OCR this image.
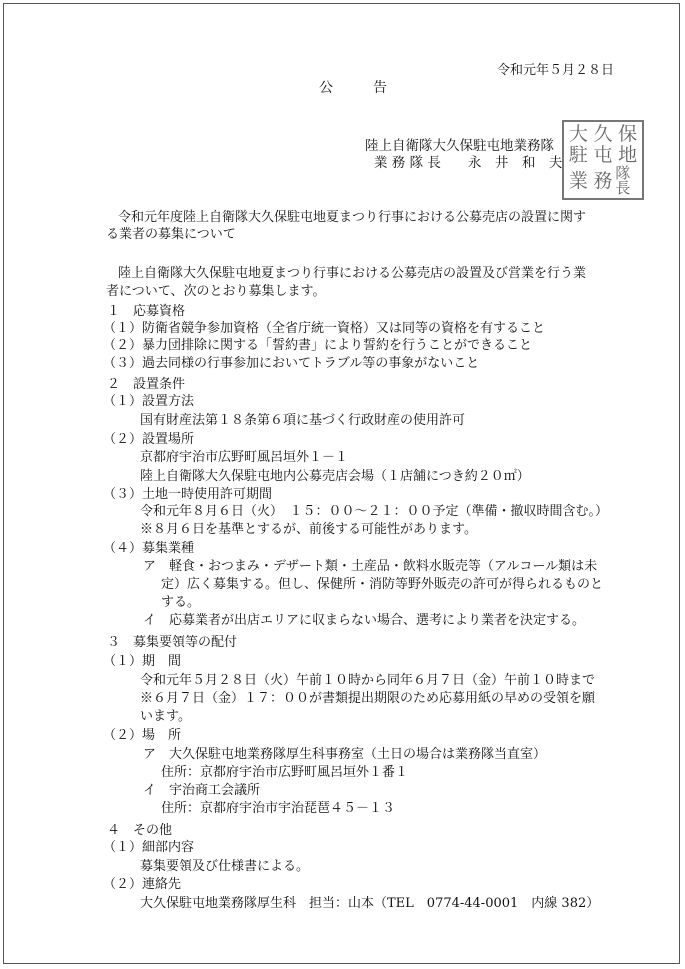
令和元年５月２８日
公　　告
陸上自衛隊大久保駐屯地業務隊
業 務 隊 長　　永　井　和　夫
大 久 保
駐 屯 地
業 務 隊長
令和元年度陸上自衛隊大久保駐屯地夏まつり行事における公募売店の設置に関す
る業者の募集について
陸上自衛隊大久保駐屯地夏まつり行事における公募売店の設置及び営業を行う業
者について、次のとおり募集します。
１　応募資格
（１）防衛省競争参加資格（全省庁統一資格）又は同等の資格を有すること
（２）暴力団排除に関する「誓約書」により誓約を行うことができること
（３）過去同様の行事参加においてトラブル等の事象がないこと
２　設置条件
（１）設置方法
国有財産法第１８条第６項に基づく行政財産の使用許可
（２）設置場所
京都府宇治市広野町風呂垣外１－１
陸上自衛隊大久保駐屯地内公募売店会場（１店舗につき約２０㎡）
（３）土地一時使用許可期間
令和元年８月６日（火）　１５：００～２１：００予定（準備・撤収時間含む。）
※８月６日を基準とするが、前後する可能性があります。
（４）募集業種
ア　軽食・おつまみ・デザート類・土産品・飲料水販売等（アルコール類は未
定）広く募集する。但し、保健所・消防等野外販売の許可が得られるものと
する。
イ　応募業者が出店エリアに収まらない場合、選考により業者を決定する。
３　募集要領等の配付
（１）期　間
令和元年５月２８日（火）午前１０時から同年６月７日（金）午前１０時まで
※６月７日（金）１７：００が書類提出期限のため応募用紙の早めの受領を願
います。
（２）場　所
ア　大久保駐屯地業務隊厚生科事務室（土日の場合は業務隊当直室）
住所：京都府宇治市広野町風呂垣外１番１
イ　宇治商工会議所
住所：京都府宇治市宇治琵琶４５－１３
４　その他
（１）細部内容
募集要領及び仕様書による。
（２）連絡先
大久保駐屯地業務隊厚生科　担当：山本（TEL　0774-44-0001　内線 382）
